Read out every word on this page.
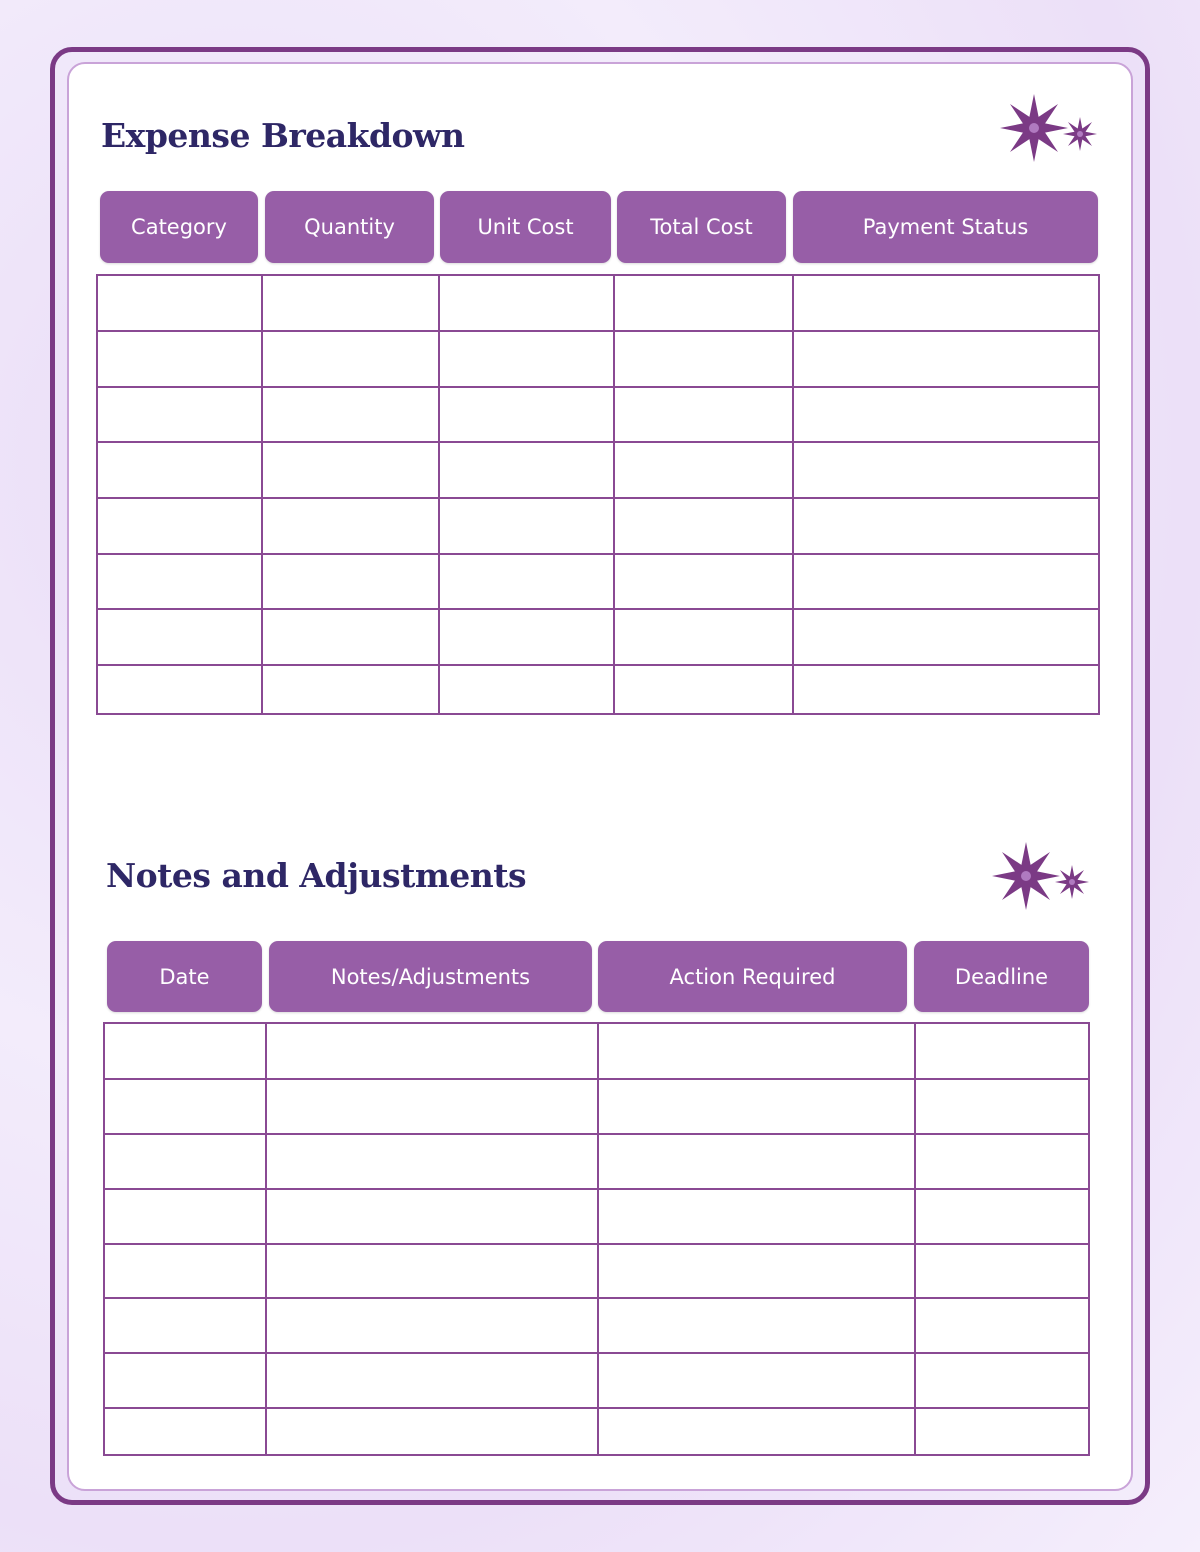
Expense Breakdown
Category	Quantity	Unit Cost	Total Cost	Payment Status
Notes and Adjustments
Date	Notes/Adjustments	Action Required	Deadline
